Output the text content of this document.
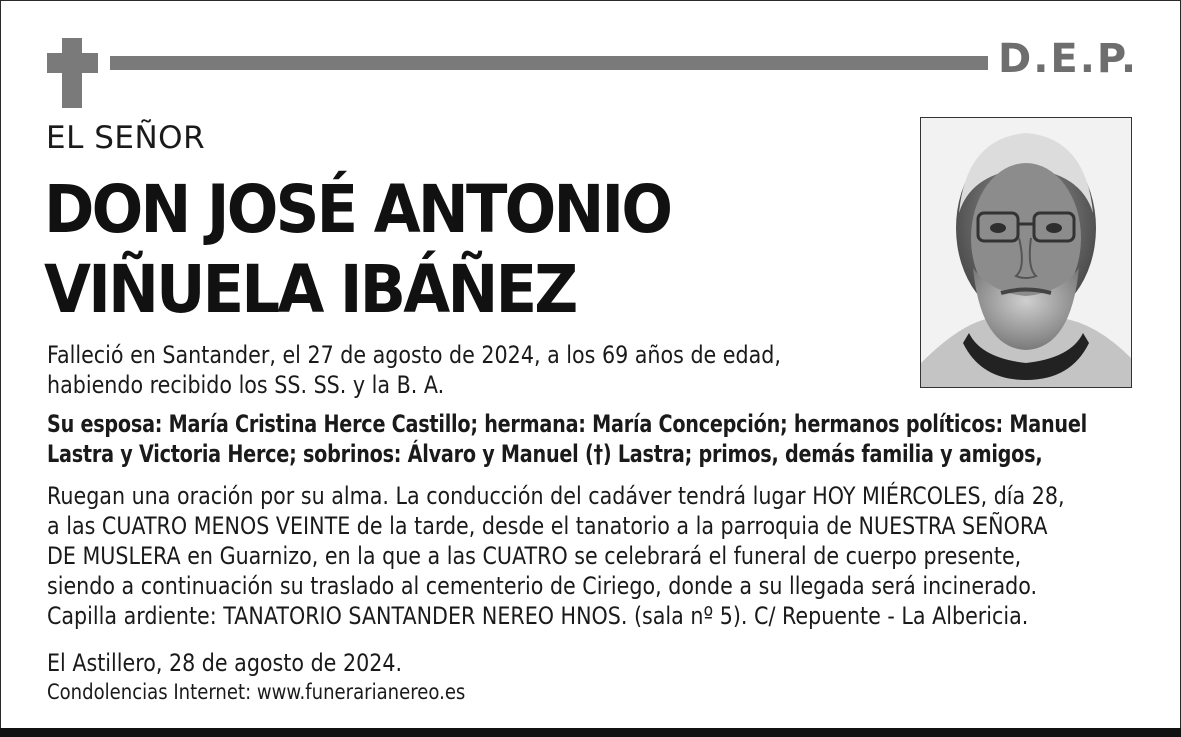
D.E.P.
EL SEÑOR
DON JOSÉ ANTONIO
VIÑUELA IBÁÑEZ
Falleció en Santander, el 27 de agosto de 2024, a los 69 años de edad,
habiendo recibido los SS. SS. y la B. A.
Su esposa: María Cristina Herce Castillo; hermana: María Concepción; hermanos políticos: Manuel
Lastra y Victoria Herce; sobrinos: Álvaro y Manuel (†) Lastra; primos, demás familia y amigos,
Ruegan una oración por su alma. La conducción del cadáver tendrá lugar HOY MIÉRCOLES, día 28,
a las CUATRO MENOS VEINTE de la tarde, desde el tanatorio a la parroquia de NUESTRA SEÑORA
DE MUSLERA en Guarnizo, en la que a las CUATRO se celebrará el funeral de cuerpo presente,
siendo a continuación su traslado al cementerio de Ciriego, donde a su llegada será incinerado.
Capilla ardiente: TANATORIO SANTANDER NEREO HNOS. (sala nº 5). C/ Repuente - La Albericia.
El Astillero, 28 de agosto de 2024.
Condolencias Internet: www.funerarianereo.es
